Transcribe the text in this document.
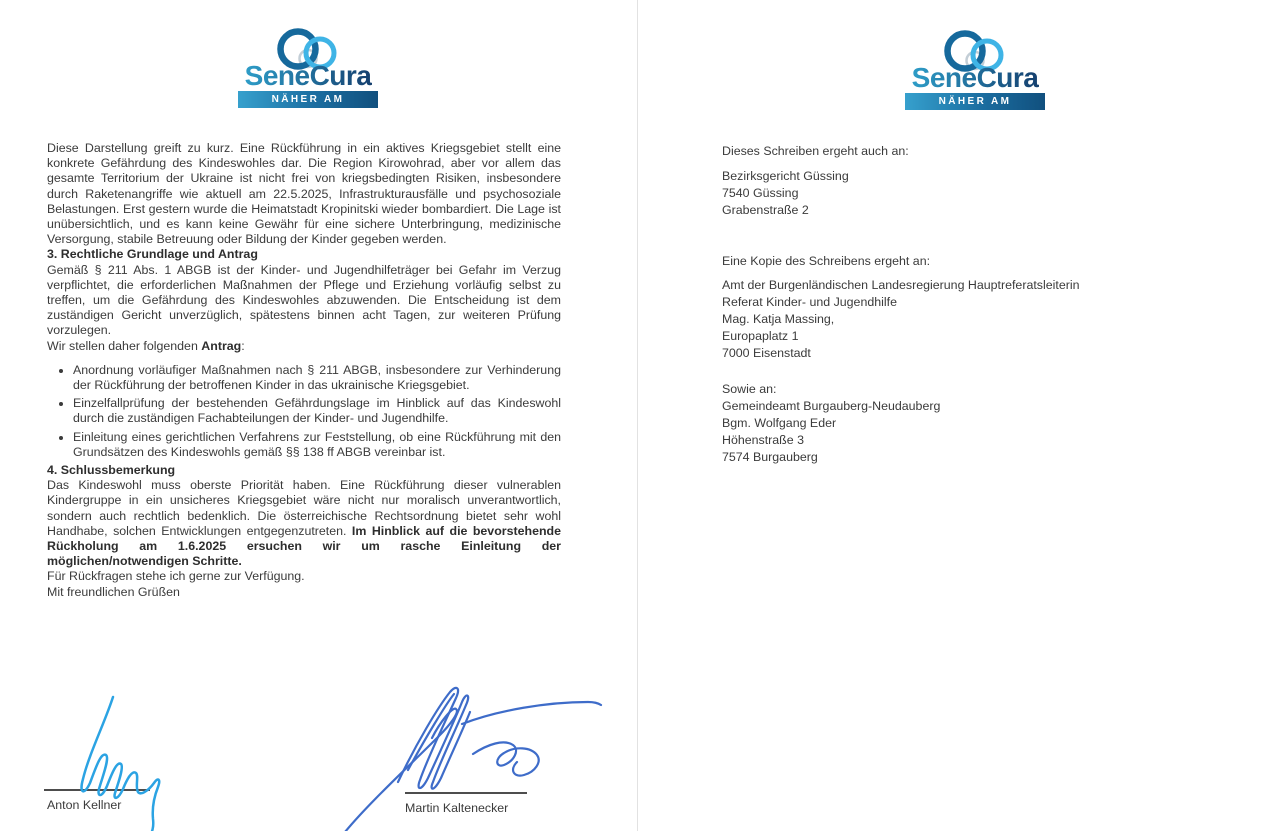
SeneCura
NÄHER AM MENSCHEN

Diese Darstellung greift zu kurz. Eine Rückführung in ein aktives Kriegsgebiet stellt eine konkrete Gefährdung des Kindeswohles dar. Die Region Kirowohrad, aber vor allem das gesamte Territorium der Ukraine ist nicht frei von kriegsbedingten Risiken, insbesondere durch Raketenangriffe wie aktuell am 22.5.2025, Infrastrukturausfälle und psychosoziale Belastungen. Erst gestern wurde die Heimatstadt Kropinitski wieder bombardiert. Die Lage ist unübersichtlich, und es kann keine Gewähr für eine sichere Unterbringung, medizinische Versorgung, stabile Betreuung oder Bildung der Kinder gegeben werden.

3. Rechtliche Grundlage und Antrag

Gemäß § 211 Abs. 1 ABGB ist der Kinder- und Jugendhilfeträger bei Gefahr im Verzug verpflichtet, die erforderlichen Maßnahmen der Pflege und Erziehung vorläufig selbst zu treffen, um die Gefährdung des Kindeswohles abzuwenden. Die Entscheidung ist dem zuständigen Gericht unverzüglich, spätestens binnen acht Tagen, zur weiteren Prüfung vorzulegen.

Wir stellen daher folgenden Antrag:

• Anordnung vorläufiger Maßnahmen nach § 211 ABGB, insbesondere zur Verhinderung der Rückführung der betroffenen Kinder in das ukrainische Kriegsgebiet.
• Einzelfallprüfung der bestehenden Gefährdungslage im Hinblick auf das Kindeswohl durch die zuständigen Fachabteilungen der Kinder- und Jugendhilfe.
• Einleitung eines gerichtlichen Verfahrens zur Feststellung, ob eine Rückführung mit den Grundsätzen des Kindeswohls gemäß §§ 138 ff ABGB vereinbar ist.

4. Schlussbemerkung

Das Kindeswohl muss oberste Priorität haben. Eine Rückführung dieser vulnerablen Kindergruppe in ein unsicheres Kriegsgebiet wäre nicht nur moralisch unverantwortlich, sondern auch rechtlich bedenklich. Die österreichische Rechtsordnung bietet sehr wohl Handhabe, solchen Entwicklungen entgegenzutreten. Im Hinblick auf die bevorstehende Rückholung am 1.6.2025 ersuchen wir um rasche Einleitung der möglichen/notwendigen Schritte.

Für Rückfragen stehe ich gerne zur Verfügung.

Mit freundlichen Grüßen

Anton Kellner	Martin Kaltenecker
SeneCura
NÄHER AM MENSCHEN
Dieses Schreiben ergeht auch an:
Bezirksgericht Güssing
7540 Güssing
Grabenstraße 2
Eine Kopie des Schreibens ergeht an:
Amt der Burgenländischen Landesregierung Hauptreferatsleiterin
Referat Kinder- und Jugendhilfe
Mag. Katja Massing,
Europaplatz 1
7000 Eisenstadt
Sowie an:
Gemeindeamt Burgauberg-Neudauberg
Bgm. Wolfgang Eder
Höhenstraße 3
7574 Burgauberg
